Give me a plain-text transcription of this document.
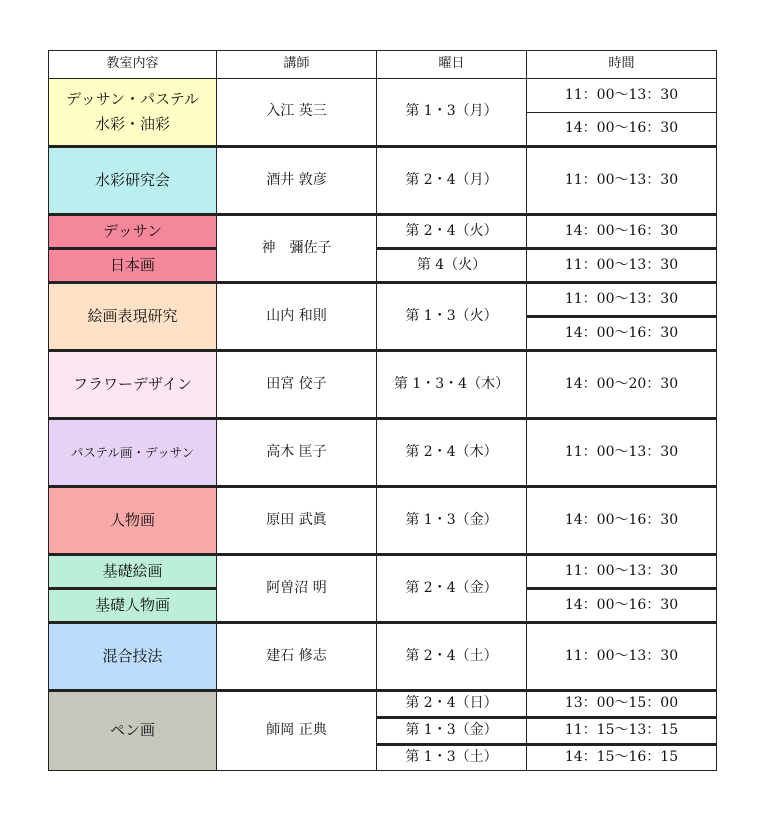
教室内容	講師	曜日	時間

デッサン・パステル
水彩・油彩	入江 英三	第 1・3（月）	11：00〜13：30
			14：00〜16：30
水彩研究会	酒井 敦彦	第 2・4（月）	11：00〜13：30
デッサン	神　彌佐子	第 2・4（火）	14：00〜16：30
日本画		第 4（火）	11：00〜13：30
絵画表現研究	山内 和則	第 1・3（火）	11：00〜13：30
			14：00〜16：30
フラワーデザイン	田宮 佼子	第 1・3・4（木）	14：00〜20：30
パステル画・デッサン	高木 匡子	第 2・4（木）	11：00〜13：30
人物画	原田 武眞	第 1・3（金）	14：00〜16：30
基礎絵画	阿曽沼 明	第 2・4（金）	11：00〜13：30
基礎人物画			14：00〜16：30
混合技法	建石 修志	第 2・4（土）	11：00〜13：30
ペン画	師岡 正典	第 2・4（日）	13：00〜15：00
		第 1・3（金）	11：15〜13：15
		第 1・3（土）	14：15〜16：15
